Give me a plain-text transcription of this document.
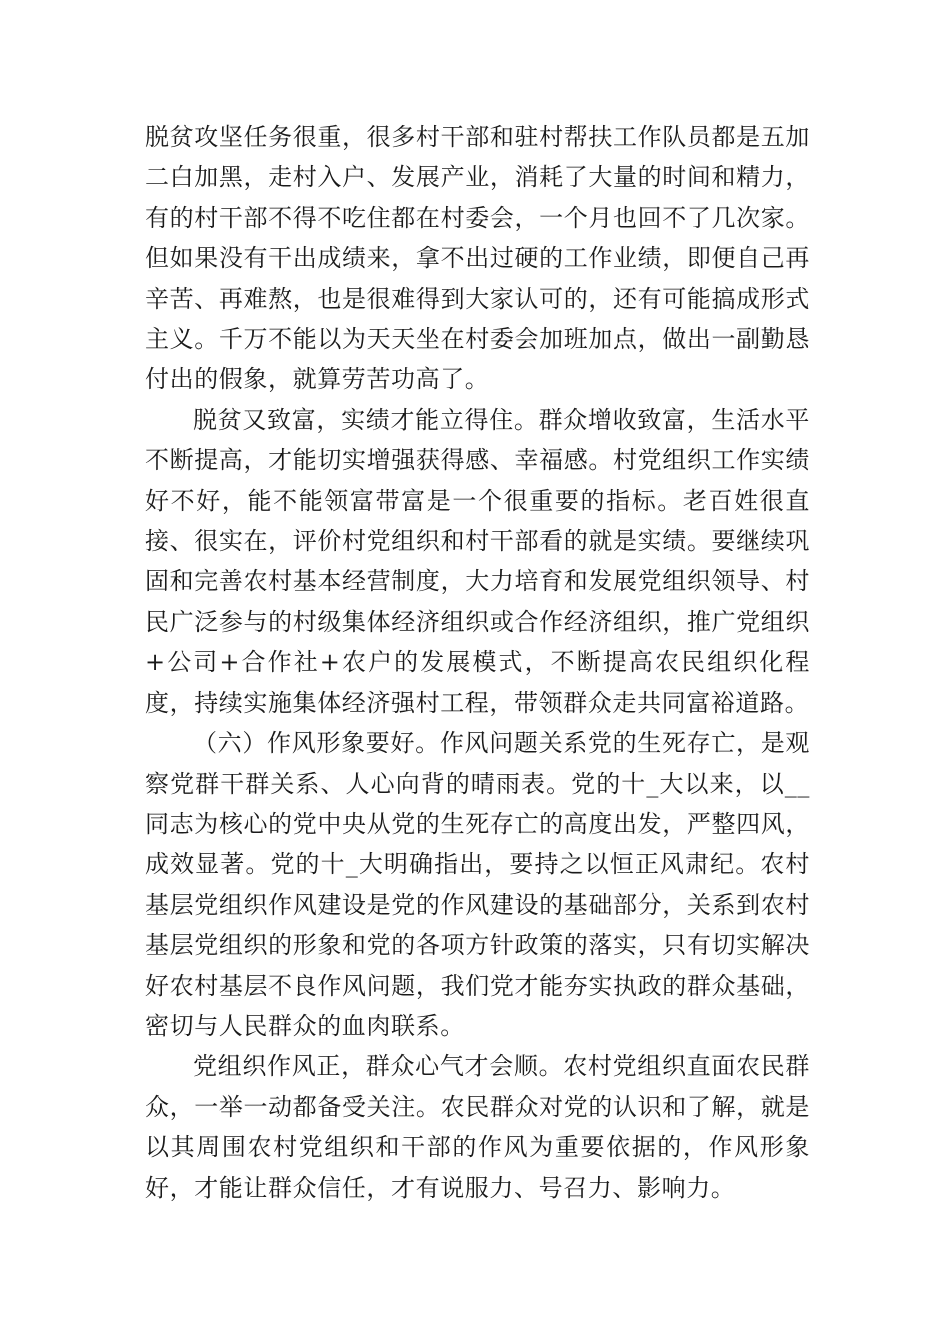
脱贫攻坚任务很重，很多村干部和驻村帮扶工作队员都是五加二白加黑，走村入户、发展产业，消耗了大量的时间和精力，有的村干部不得不吃住都在村委会，一个月也回不了几次家。但如果没有干出成绩来，拿不出过硬的工作业绩，即便自己再辛苦、再难熬，也是很难得到大家认可的，还有可能搞成形式主义。千万不能以为天天坐在村委会加班加点，做出一副勤恳付出的假象，就算劳苦功高了。

脱贫又致富，实绩才能立得住。群众增收致富，生活水平不断提高，才能切实增强获得感、幸福感。村党组织工作实绩好不好，能不能领富带富是一个很重要的指标。老百姓很直接、很实在，评价村党组织和村干部看的就是实绩。要继续巩固和完善农村基本经营制度，大力培育和发展党组织领导、村民广泛参与的村级集体经济组织或合作经济组织，推广党组织+公司+合作社+农户的发展模式，不断提高农民组织化程度，持续实施集体经济强村工程，带领群众走共同富裕道路。

（六）作风形象要好。作风问题关系党的生死存亡，是观察党群干群关系、人心向背的晴雨表。党的十_大以来，以__同志为核心的党中央从党的生死存亡的高度出发，严整四风，成效显著。党的十_大明确指出，要持之以恒正风肃纪。农村基层党组织作风建设是党的作风建设的基础部分，关系到农村基层党组织的形象和党的各项方针政策的落实，只有切实解决好农村基层不良作风问题，我们党才能夯实执政的群众基础，密切与人民群众的血肉联系。

党组织作风正，群众心气才会顺。农村党组织直面农民群众，一举一动都备受关注。农民群众对党的认识和了解，就是以其周围农村党组织和干部的作风为重要依据的，作风形象好，才能让群众信任，才有说服力、号召力、影响力。
